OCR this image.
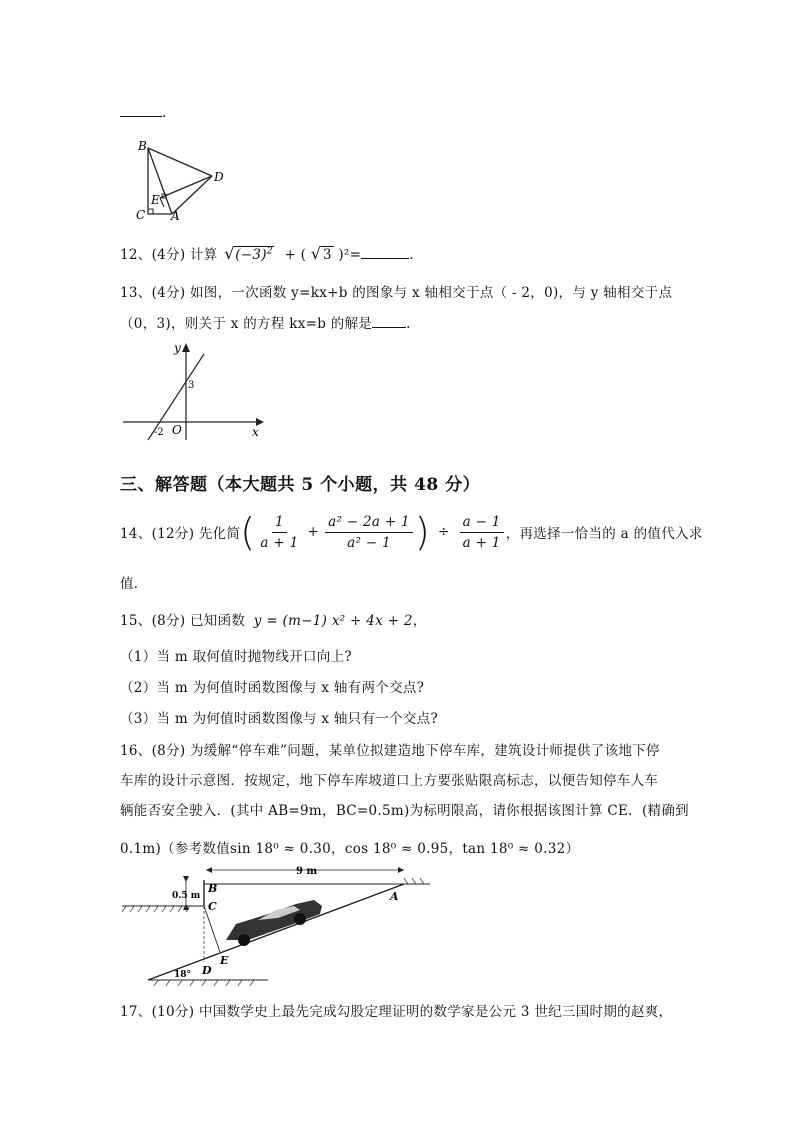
.
B
D
E
C A
12、(4分) 计算 √ $(-3)^2$ + ( √ 3 )²=	.
13、(4分) 如图，一次函数 y=kx+b 的图象与 x 轴相交于点（ - 2，0)，与 y 轴相交于点
（0，3)，则关于 x 的方程 kx=b 的解是	.
y
x
3
-2 O
三、解答题（本大题共 5 个小题，共 48 分）
14、(12分) 先化简 ( $\frac{1}{a + 1} + \frac{\text{a² − 2a + 1}}{\text{a² − 1}}$ ) ÷ $\frac{a - 1}{a + 1}$ ，再选择一恰当的 a 的值代入求
值.
15、(8分) 已知函数 y = (m−1) x² + 4x + 2，
（1）当 m 取何值时抛物线开口向上?
（2）当 m 为何值时函数图像与 x 轴有两个交点?
（3）当 m 为何值时函数图像与 x 轴只有一个交点?
16、(8分) 为缓解“停车难”问题，某单位拟建造地下停车库，建筑设计师提供了该地下停
车库的设计示意图．按规定，地下停车库坡道口上方要张贴限高标志，以便告知停车人车
辆能否安全驶入．(其中 AB=9m，BC=0.5m)为标明限高，请你根据该图计算 CE．(精确到
0.1m)（参考数值sin 18⁰ ≈ 0.30，cos 18⁰ ≈ 0.95，tan 18⁰ ≈ 0.32）
9 m
0.5 m
B
C
A
D
E
18°
17、(10分) 中国数学史上最先完成勾股定理证明的数学家是公元 3 世纪三国时期的赵爽，
